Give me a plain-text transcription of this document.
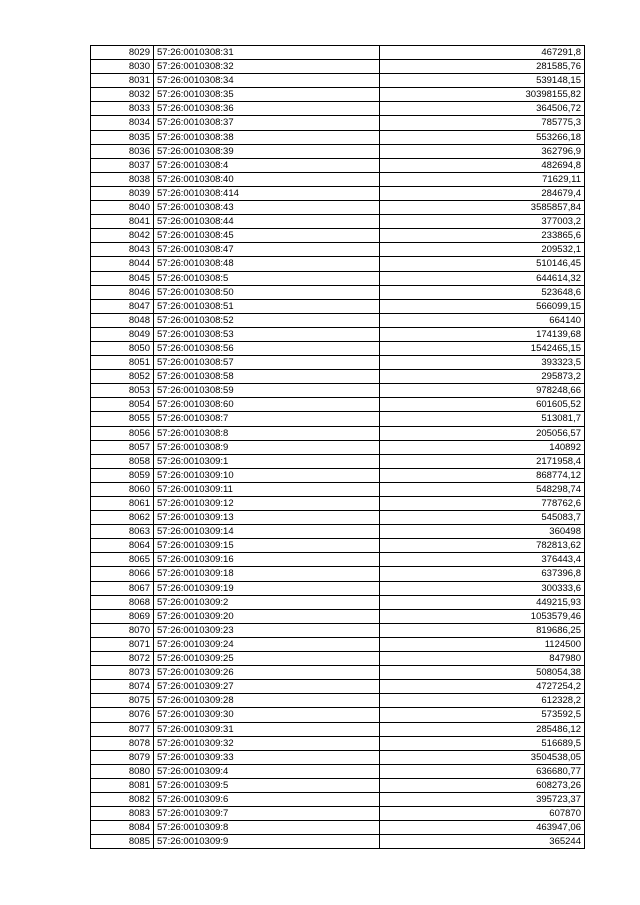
8029	57:26:0010308:31	467291,8
8030	57:26:0010308:32	281585,76
8031	57:26:0010308:34	539148,15
8032	57:26:0010308:35	30398155,82
8033	57:26:0010308:36	364506,72
8034	57:26:0010308:37	785775,3
8035	57:26:0010308:38	553266,18
8036	57:26:0010308:39	362796,9
8037	57:26:0010308:4	482694,8
8038	57:26:0010308:40	71629,11
8039	57:26:0010308:414	284679,4
8040	57:26:0010308:43	3585857,84
8041	57:26:0010308:44	377003,2
8042	57:26:0010308:45	233865,6
8043	57:26:0010308:47	209532,1
8044	57:26:0010308:48	510146,45
8045	57:26:0010308:5	644614,32
8046	57:26:0010308:50	523648,6
8047	57:26:0010308:51	566099,15
8048	57:26:0010308:52	664140
8049	57:26:0010308:53	174139,68
8050	57:26:0010308:56	1542465,15
8051	57:26:0010308:57	393323,5
8052	57:26:0010308:58	295873,2
8053	57:26:0010308:59	978248,66
8054	57:26:0010308:60	601605,52
8055	57:26:0010308:7	513081,7
8056	57:26:0010308:8	205056,57
8057	57:26:0010308:9	140892
8058	57:26:0010309:1	2171958,4
8059	57:26:0010309:10	868774,12
8060	57:26:0010309:11	548298,74
8061	57:26:0010309:12	778762,6
8062	57:26:0010309:13	545083,7
8063	57:26:0010309:14	360498
8064	57:26:0010309:15	782813,62
8065	57:26:0010309:16	376443,4
8066	57:26:0010309:18	637396,8
8067	57:26:0010309:19	300333,6
8068	57:26:0010309:2	449215,93
8069	57:26:0010309:20	1053579,46
8070	57:26:0010309:23	819686,25
8071	57:26:0010309:24	1124500
8072	57:26:0010309:25	847980
8073	57:26:0010309:26	508054,38
8074	57:26:0010309:27	4727254,2
8075	57:26:0010309:28	612328,2
8076	57:26:0010309:30	573592,5
8077	57:26:0010309:31	285486,12
8078	57:26:0010309:32	516689,5
8079	57:26:0010309:33	3504538,05
8080	57:26:0010309:4	636680,77
8081	57:26:0010309:5	608273,26
8082	57:26:0010309:6	395723,37
8083	57:26:0010309:7	607870
8084	57:26:0010309:8	463947,06
8085	57:26:0010309:9	365244
